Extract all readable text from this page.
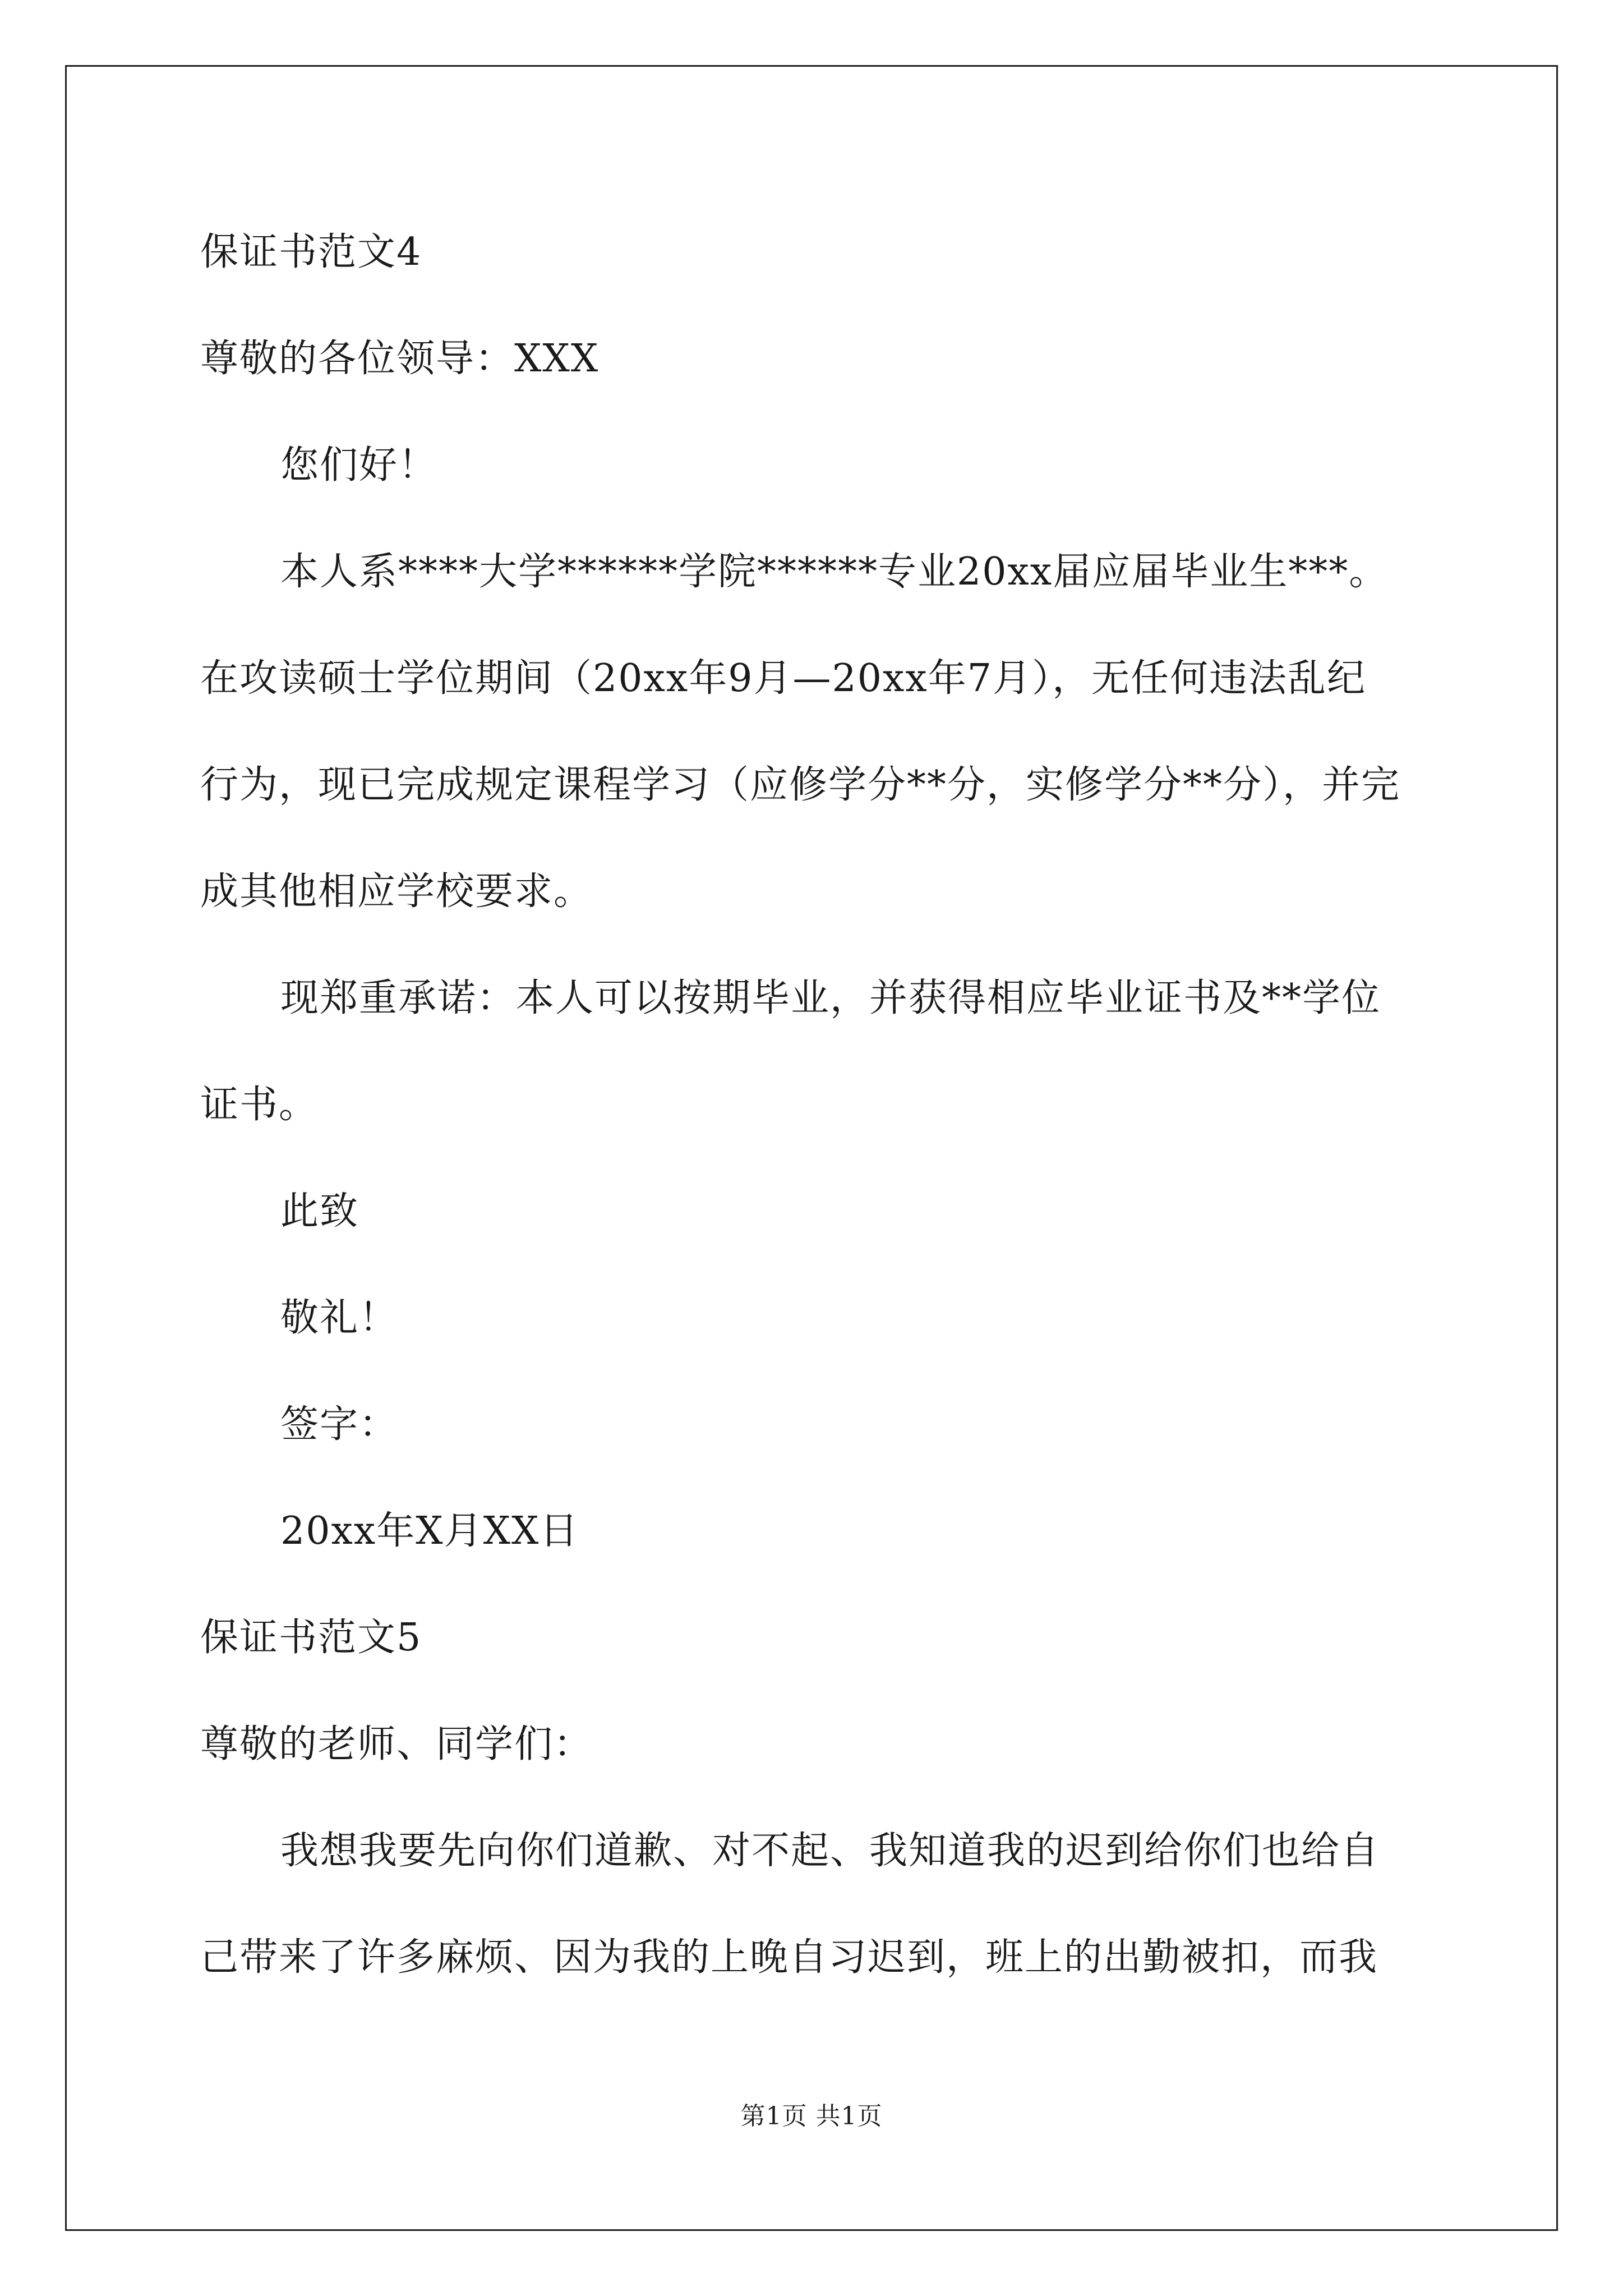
保证书范文4
尊敬的各位领导：XXX
您们好！
本人系****大学******学院******专业20xx届应届毕业生***。
在攻读硕士学位期间（20xx年9月—20xx年7月），无任何违法乱纪
行为，现已完成规定课程学习（应修学分**分，实修学分**分），并完
成其他相应学校要求。
现郑重承诺：本人可以按期毕业，并获得相应毕业证书及**学位
证书。
此致
敬礼！
签字：
20xx年X月XX日
保证书范文5
尊敬的老师、同学们：
我想我要先向你们道歉、对不起、我知道我的迟到给你们也给自
己带来了许多麻烦、因为我的上晚自习迟到，班上的出勤被扣，而我
第1页 共1页
